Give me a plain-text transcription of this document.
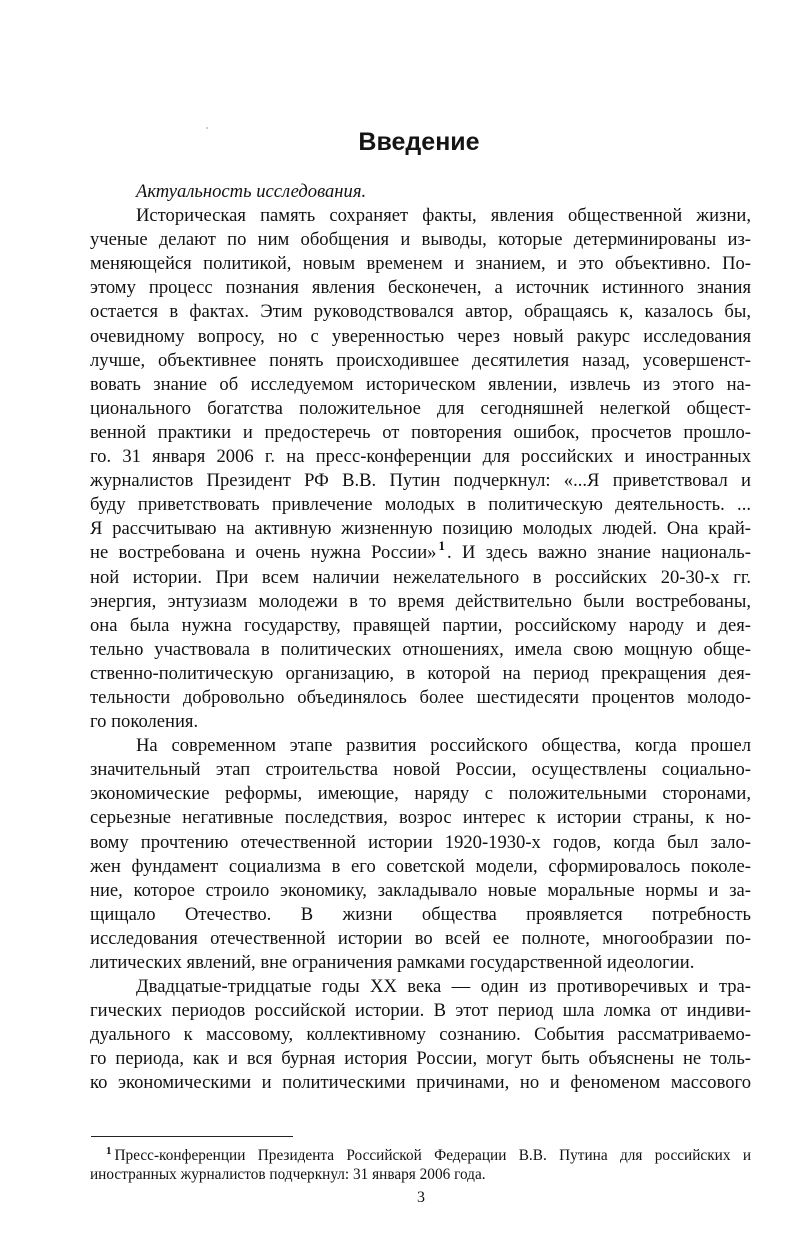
Введение
Актуальность исследования.
Историческая память сохраняет факты, явления общественной жизни,
ученые делают по ним обобщения и выводы, которые детерминированы из-
меняющейся политикой, новым временем и знанием, и это объективно. По-
этому процесс познания явления бесконечен, а источник истинного знания
остается в фактах. Этим руководствовался автор, обращаясь к, казалось бы,
очевидному вопросу, но с уверенностью через новый ракурс исследования
лучше, объективнее понять происходившее десятилетия назад, усовершенст-
вовать знание об исследуемом историческом явлении, извлечь из этого на-
ционального богатства положительное для сегодняшней нелегкой общест-
венной практики и предостеречь от повторения ошибок, просчетов прошло-
го. 31 января 2006 г. на пресс-конференции для российских и иностранных
журналистов Президент РФ В.В. Путин подчеркнул: «...Я приветствовал и
буду приветствовать привлечение молодых в политическую деятельность. ...
Я рассчитываю на активную жизненную позицию молодых людей. Она край-
не востребована и очень нужна России» $^1$ . И здесь важно знание националь-
ной истории. При всем наличии нежелательного в российских 20-30-х гг.
энергия, энтузиазм молодежи в то время действительно были востребованы,
она была нужна государству, правящей партии, российскому народу и дея-
тельно участвовала в политических отношениях, имела свою мощную обще-
ственно-политическую организацию, в которой на период прекращения дея-
тельности добровольно объединялось более шестидесяти процентов молодо-
го поколения.
На современном этапе развития российского общества, когда прошел
значительный этап строительства новой России, осуществлены социально-
экономические реформы, имеющие, наряду с положительными сторонами,
серьезные негативные последствия, возрос интерес к истории страны, к но-
вому прочтению отечественной истории 1920-1930-х годов, когда был зало-
жен фундамент социализма в его советской модели, сформировалось поколе-
ние, которое строило экономику, закладывало новые моральные нормы и за-
щищало Отечество. В жизни общества проявляется потребность
исследования отечественной истории во всей ее полноте, многообразии по-
литических явлений, вне ограничения рамками государственной идеологии.
Двадцатые-тридцатые годы XX века — один из противоречивых и тра-
гических периодов российской истории. В этот период шла ломка от индиви-
дуального к массовому, коллективному сознанию. События рассматриваемо-
го периода, как и вся бурная история России, могут быть объяснены не толь-
ко экономическими и политическими причинами, но и феноменом массового
$^1$ Пресс-конференции Президента Российской Федерации В.В. Путина для российских и
иностранных журналистов подчеркнул: 31 января 2006 года.
3
